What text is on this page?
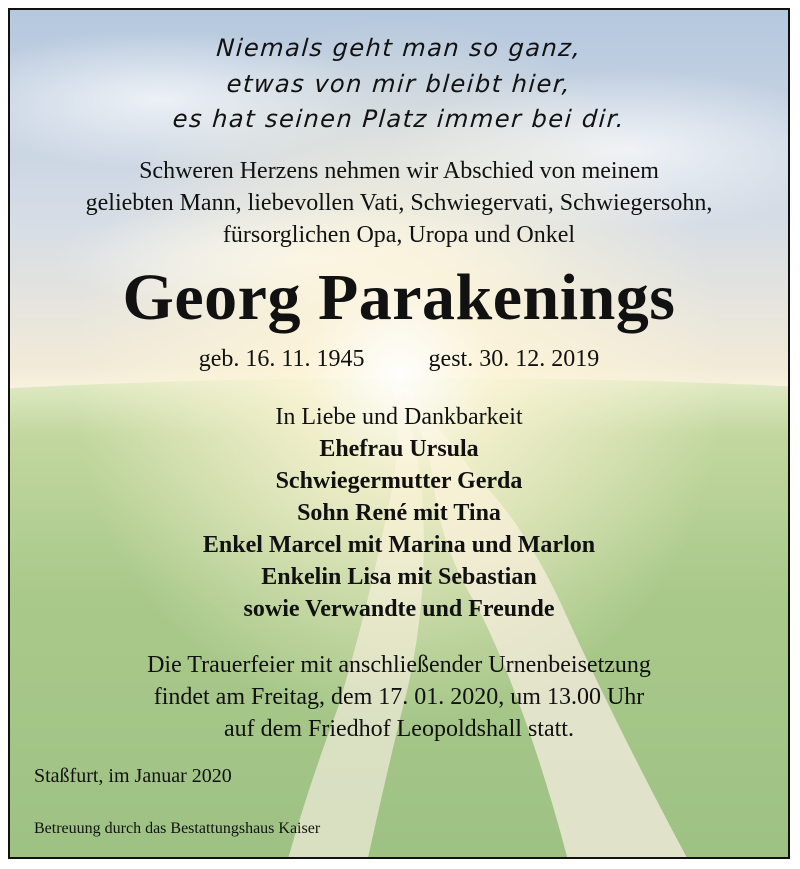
Niemals geht man so ganz,
etwas von mir bleibt hier,
es hat seinen Platz immer bei dir.
Schweren Herzens nehmen wir Abschied von meinem
geliebten Mann, liebevollen Vati, Schwiegervati, Schwiegersohn,
fürsorglichen Opa, Uropa und Onkel
Georg Parakenings
geb. 16. 11. 1945	gest. 30. 12. 2019
In Liebe und Dankbarkeit
Ehefrau Ursula
Schwiegermutter Gerda
Sohn René mit Tina
Enkel Marcel mit Marina und Marlon
Enkelin Lisa mit Sebastian
sowie Verwandte und Freunde
Die Trauerfeier mit anschließender Urnenbeisetzung
findet am Freitag, dem 17. 01. 2020, um 13.00 Uhr
auf dem Friedhof Leopoldshall statt.
Staßfurt, im Januar 2020
Betreuung durch das Bestattungshaus Kaiser
